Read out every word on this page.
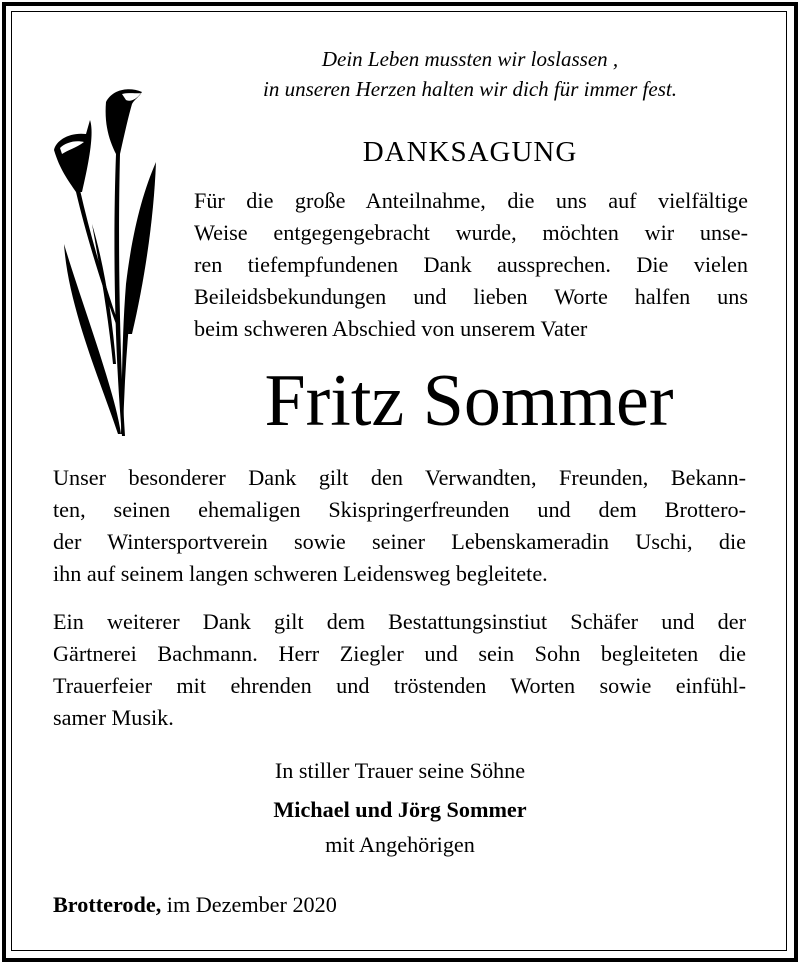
Dein Leben mussten wir loslassen ,
in unseren Herzen halten wir dich für immer fest.
DANKSAGUNG
Für die große Anteilnahme, die uns auf vielfältige
Weise entgegengebracht wurde, möchten wir unse-
ren tiefempfundenen Dank aussprechen. Die vielen
Beileidsbekundungen und lieben Worte halfen uns
beim schweren Abschied von unserem Vater
Fritz Sommer
Unser besonderer Dank gilt den Verwandten, Freunden, Bekann-
ten, seinen ehemaligen Skispringerfreunden und dem Brottero-
der Wintersportverein sowie seiner Lebenskameradin Uschi, die
ihn auf seinem langen schweren Leidensweg begleitete.
Ein weiterer Dank gilt dem Bestattungsinstiut Schäfer und der
Gärtnerei Bachmann. Herr Ziegler und sein Sohn begleiteten die
Trauerfeier mit ehrenden und tröstenden Worten sowie einfühl-
samer Musik.
In stiller Trauer seine Söhne
Michael und Jörg Sommer
mit Angehörigen
Brotterode, im Dezember 2020
